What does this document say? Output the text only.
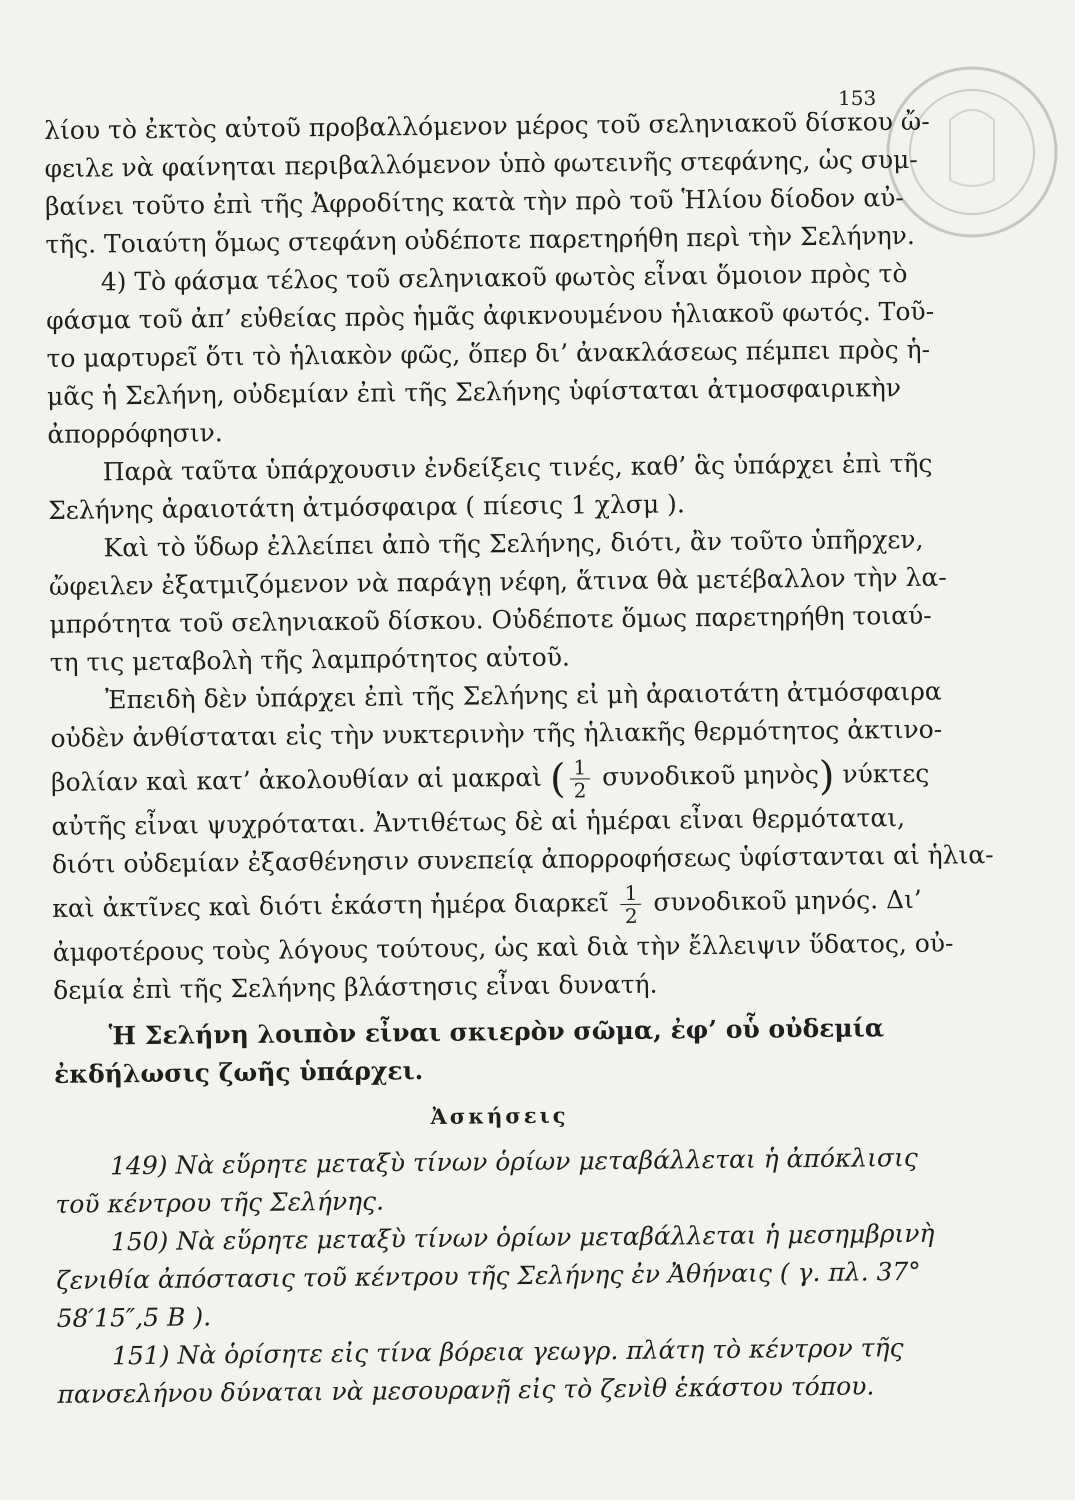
153
λίου τὸ ἐκτὸς αὐτοῦ προβαλλόμενον μέρος τοῦ σεληνιακοῦ δίσκου ὤ-
φειλε νὰ φαίνηται περιβαλλόμενον ὑπὸ φωτεινῆς στεφάνης, ὡς συμ-
βαίνει τοῦτο ἐπὶ τῆς Ἀφροδίτης κατὰ τὴν πρὸ τοῦ Ἡλίου δίοδον αὐ-
τῆς. Τοιαύτη ὅμως στεφάνη οὐδέποτε παρετηρήθη περὶ τὴν Σελήνην.
4) Τὸ φάσμα τέλος τοῦ σεληνιακοῦ φωτὸς εἶναι ὅμοιον πρὸς τὸ
φάσμα τοῦ ἀπ’ εὐθείας πρὸς ἡμᾶς ἀφικνουμένου ἡλιακοῦ φωτός. Τοῦ-
το μαρτυρεῖ ὅτι τὸ ἡλιακὸν φῶς, ὅπερ δι’ ἀνακλάσεως πέμπει πρὸς ἡ-
μᾶς ἡ Σελήνη, οὐδεμίαν ἐπὶ τῆς Σελήνης ὑφίσταται ἀτμοσφαιρικὴν
ἀπορρόφησιν.
Παρὰ ταῦτα ὑπάρχουσιν ἐνδείξεις τινές, καθ’ ἃς ὑπάρχει ἐπὶ τῆς
Σελήνης ἀραιοτάτη ἀτμόσφαιρα ( πίεσις 1 χλσμ ).
Καὶ τὸ ὕδωρ ἐλλείπει ἀπὸ τῆς Σελήνης, διότι, ἂν τοῦτο ὑπῆρχεν,
ὤφειλεν ἐξατμιζόμενον νὰ παράγῃ νέφη, ἅτινα θὰ μετέβαλλον τὴν λα-
μπρότητα τοῦ σεληνιακοῦ δίσκου. Οὐδέποτε ὅμως παρετηρήθη τοιαύ-
τη τις μεταβολὴ τῆς λαμπρότητος αὐτοῦ.
Ἐπειδὴ δὲν ὑπάρχει ἐπὶ τῆς Σελήνης εἰ μὴ ἀραιοτάτη ἀτμόσφαιρα
οὐδὲν ἀνθίσταται εἰς τὴν νυκτερινὴν τῆς ἡλιακῆς θερμότητος ἀκτινο-
βολίαν καὶ κατ’ ἀκολουθίαν αἱ μακραὶ ( $\frac{1}{2}$ συνοδικοῦ μηνὸς) νύκτες
αὐτῆς εἶναι ψυχρόταται. Ἀντιθέτως δὲ αἱ ἡμέραι εἶναι θερμόταται,
διότι οὐδεμίαν ἐξασθένησιν συνεπείᾳ ἀπορροφήσεως ὑφίστανται αἱ ἡλια-
καὶ ἀκτῖνες καὶ διότι ἑκάστη ἡμέρα διαρκεῖ $\frac{1}{2}$ συνοδικοῦ μηνός. Δι’
ἀμφοτέρους τοὺς λόγους τούτους, ὡς καὶ διὰ τὴν ἔλλειψιν ὕδατος, οὐ-
δεμία ἐπὶ τῆς Σελήνης βλάστησις εἶναι δυνατή.
Ἡ Σελήνη λοιπὸν εἶναι σκιερὸν σῶμα, ἐφ’ οὗ οὐδεμία
ἐκδήλωσις ζωῆς ὑπάρχει.
Ἀσκήσεις
149) Νὰ εὕρητε μεταξὺ τίνων ὁρίων μεταβάλλεται ἡ ἀπόκλισις
τοῦ κέντρου τῆς Σελήνης.
150) Νὰ εὕρητε μεταξὺ τίνων ὁρίων μεταβάλλεται ἡ μεσημβρινὴ
ζενιθία ἀπόστασις τοῦ κέντρου τῆς Σελήνης ἐν Ἀθήναις ( γ. πλ. 37°
58′15″,5 Β ).
151) Νὰ ὁρίσητε εἰς τίνα βόρεια γεωγρ. πλάτη τὸ κέντρον τῆς
πανσελήνου δύναται νὰ μεσουρανῇ εἰς τὸ ζενὶθ ἑκάστου τόπου.
